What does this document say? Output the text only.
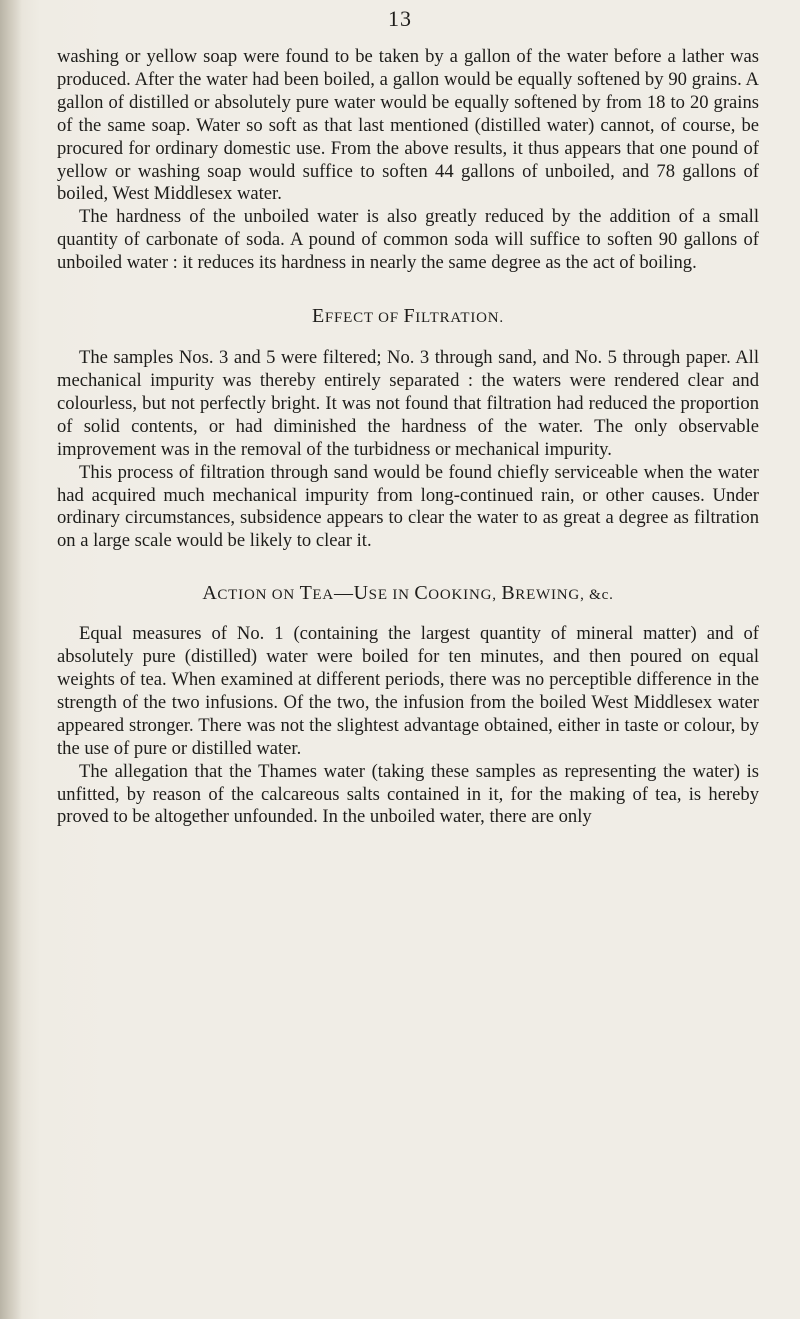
13

washing or yellow soap were found to be taken by a gallon of the water before a lather was produced. After the water had been boiled, a gallon would be equally softened by 90 grains. A gallon of distilled or absolutely pure water would be equally softened by from 18 to 20 grains of the same soap. Water so soft as that last mentioned (distilled water) cannot, of course, be procured for ordinary domestic use. From the above results, it thus appears that one pound of yellow or washing soap would suffice to soften 44 gallons of unboiled, and 78 gallons of boiled, West Middlesex water.

The hardness of the unboiled water is also greatly reduced by the addition of a small quantity of carbonate of soda. A pound of common soda will suffice to soften 90 gallons of unboiled water : it reduces its hardness in nearly the same degree as the act of boiling.

EFFECT OF FILTRATION.

The samples Nos. 3 and 5 were filtered; No. 3 through sand, and No. 5 through paper. All mechanical impurity was thereby entirely separated : the waters were rendered clear and colourless, but not perfectly bright. It was not found that filtration had reduced the proportion of solid contents, or had diminished the hardness of the water. The only observable improvement was in the removal of the turbidness or mechanical impurity.

This process of filtration through sand would be found chiefly serviceable when the water had acquired much mechanical impurity from long-continued rain, or other causes. Under ordinary circumstances, subsidence appears to clear the water to as great a degree as filtration on a large scale would be likely to clear it.

ACTION ON TEA—USE IN COOKING, BREWING, &c.

Equal measures of No. 1 (containing the largest quantity of mineral matter) and of absolutely pure (distilled) water were boiled for ten minutes, and then poured on equal weights of tea. When examined at different periods, there was no perceptible difference in the strength of the two infusions. Of the two, the infusion from the boiled West Middlesex water appeared stronger. There was not the slightest advantage obtained, either in taste or colour, by the use of pure or distilled water.

The allegation that the Thames water (taking these samples as representing the water) is unfitted, by reason of the calcareous salts contained in it, for the making of tea, is hereby proved to be altogether unfounded. In the unboiled water, there are only
